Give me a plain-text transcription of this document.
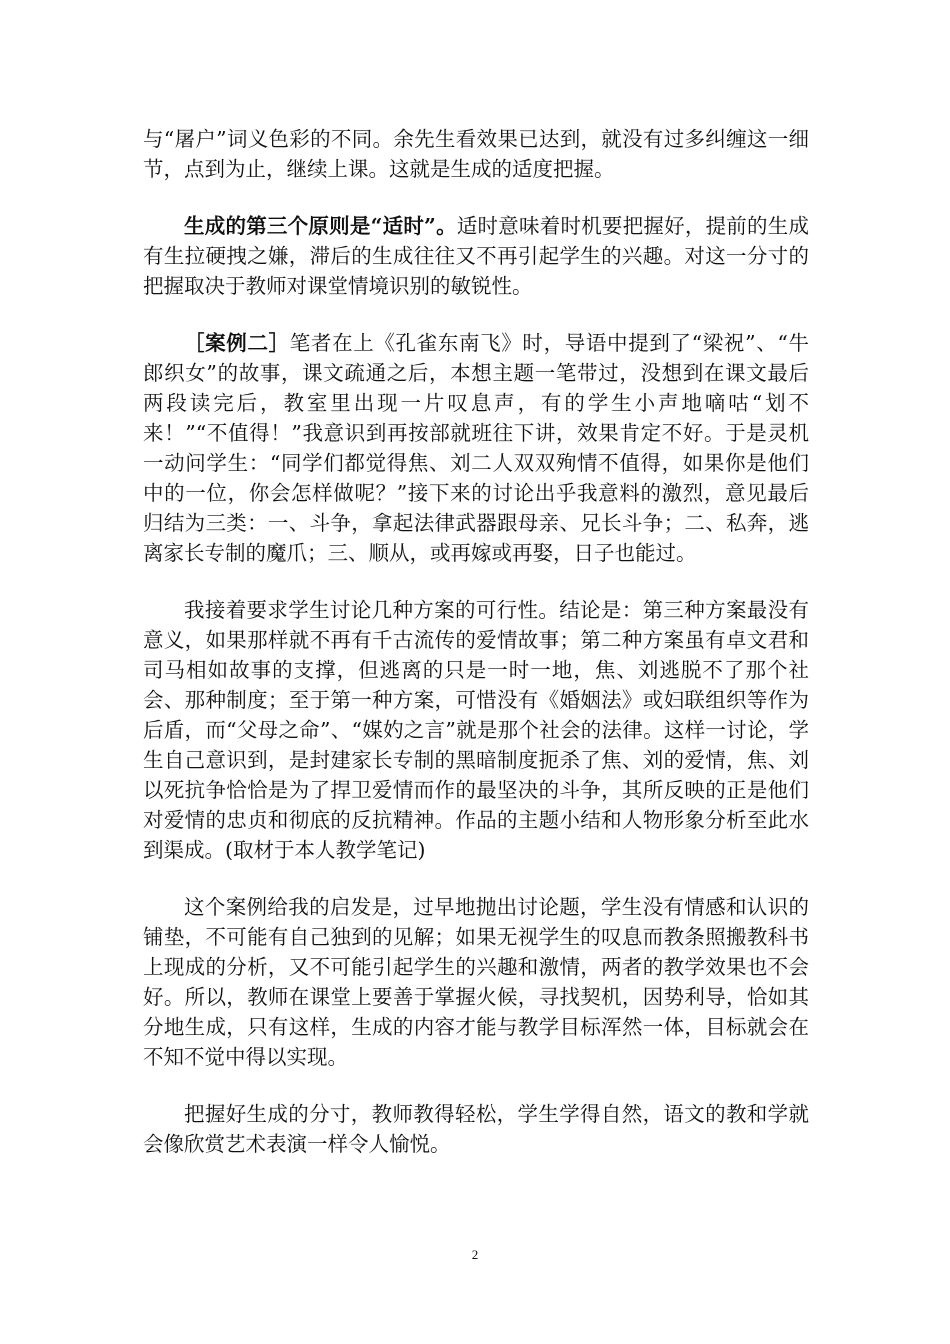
与“屠户”词义色彩的不同。余先生看效果已达到，就没有过多纠缠这一细节，点到为止，继续上课。这就是生成的适度把握。

生成的第三个原则是“适时”。适时意味着时机要把握好，提前的生成有生拉硬拽之嫌，滞后的生成往往又不再引起学生的兴趣。对这一分寸的把握取决于教师对课堂情境识别的敏锐性。

［案例二］笔者在上《孔雀东南飞》时，导语中提到了“梁祝”、“牛郎织女”的故事，课文疏通之后，本想主题一笔带过，没想到在课文最后两段读完后，教室里出现一片叹息声，有的学生小声地嘀咕“划不来！”“不值得！”我意识到再按部就班往下讲，效果肯定不好。于是灵机一动问学生：“同学们都觉得焦、刘二人双双殉情不值得，如果你是他们中的一位，你会怎样做呢？”接下来的讨论出乎我意料的激烈，意见最后归结为三类：一、斗争，拿起法律武器跟母亲、兄长斗争；二、私奔，逃离家长专制的魔爪；三、顺从，或再嫁或再娶，日子也能过。

我接着要求学生讨论几种方案的可行性。结论是：第三种方案最没有意义，如果那样就不再有千古流传的爱情故事；第二种方案虽有卓文君和司马相如故事的支撑，但逃离的只是一时一地，焦、刘逃脱不了那个社会、那种制度；至于第一种方案，可惜没有《婚姻法》或妇联组织等作为后盾，而“父母之命”、“媒妁之言”就是那个社会的法律。这样一讨论，学生自己意识到，是封建家长专制的黑暗制度扼杀了焦、刘的爱情，焦、刘以死抗争恰恰是为了捍卫爱情而作的最坚决的斗争，其所反映的正是他们对爱情的忠贞和彻底的反抗精神。作品的主题小结和人物形象分析至此水到渠成。(取材于本人教学笔记)

这个案例给我的启发是，过早地抛出讨论题，学生没有情感和认识的铺垫，不可能有自己独到的见解；如果无视学生的叹息而教条照搬教科书上现成的分析，又不可能引起学生的兴趣和激情，两者的教学效果也不会好。所以，教师在课堂上要善于掌握火候，寻找契机，因势利导，恰如其分地生成，只有这样，生成的内容才能与教学目标浑然一体，目标就会在不知不觉中得以实现。

把握好生成的分寸，教师教得轻松，学生学得自然，语文的教和学就会像欣赏艺术表演一样令人愉悦。

2
